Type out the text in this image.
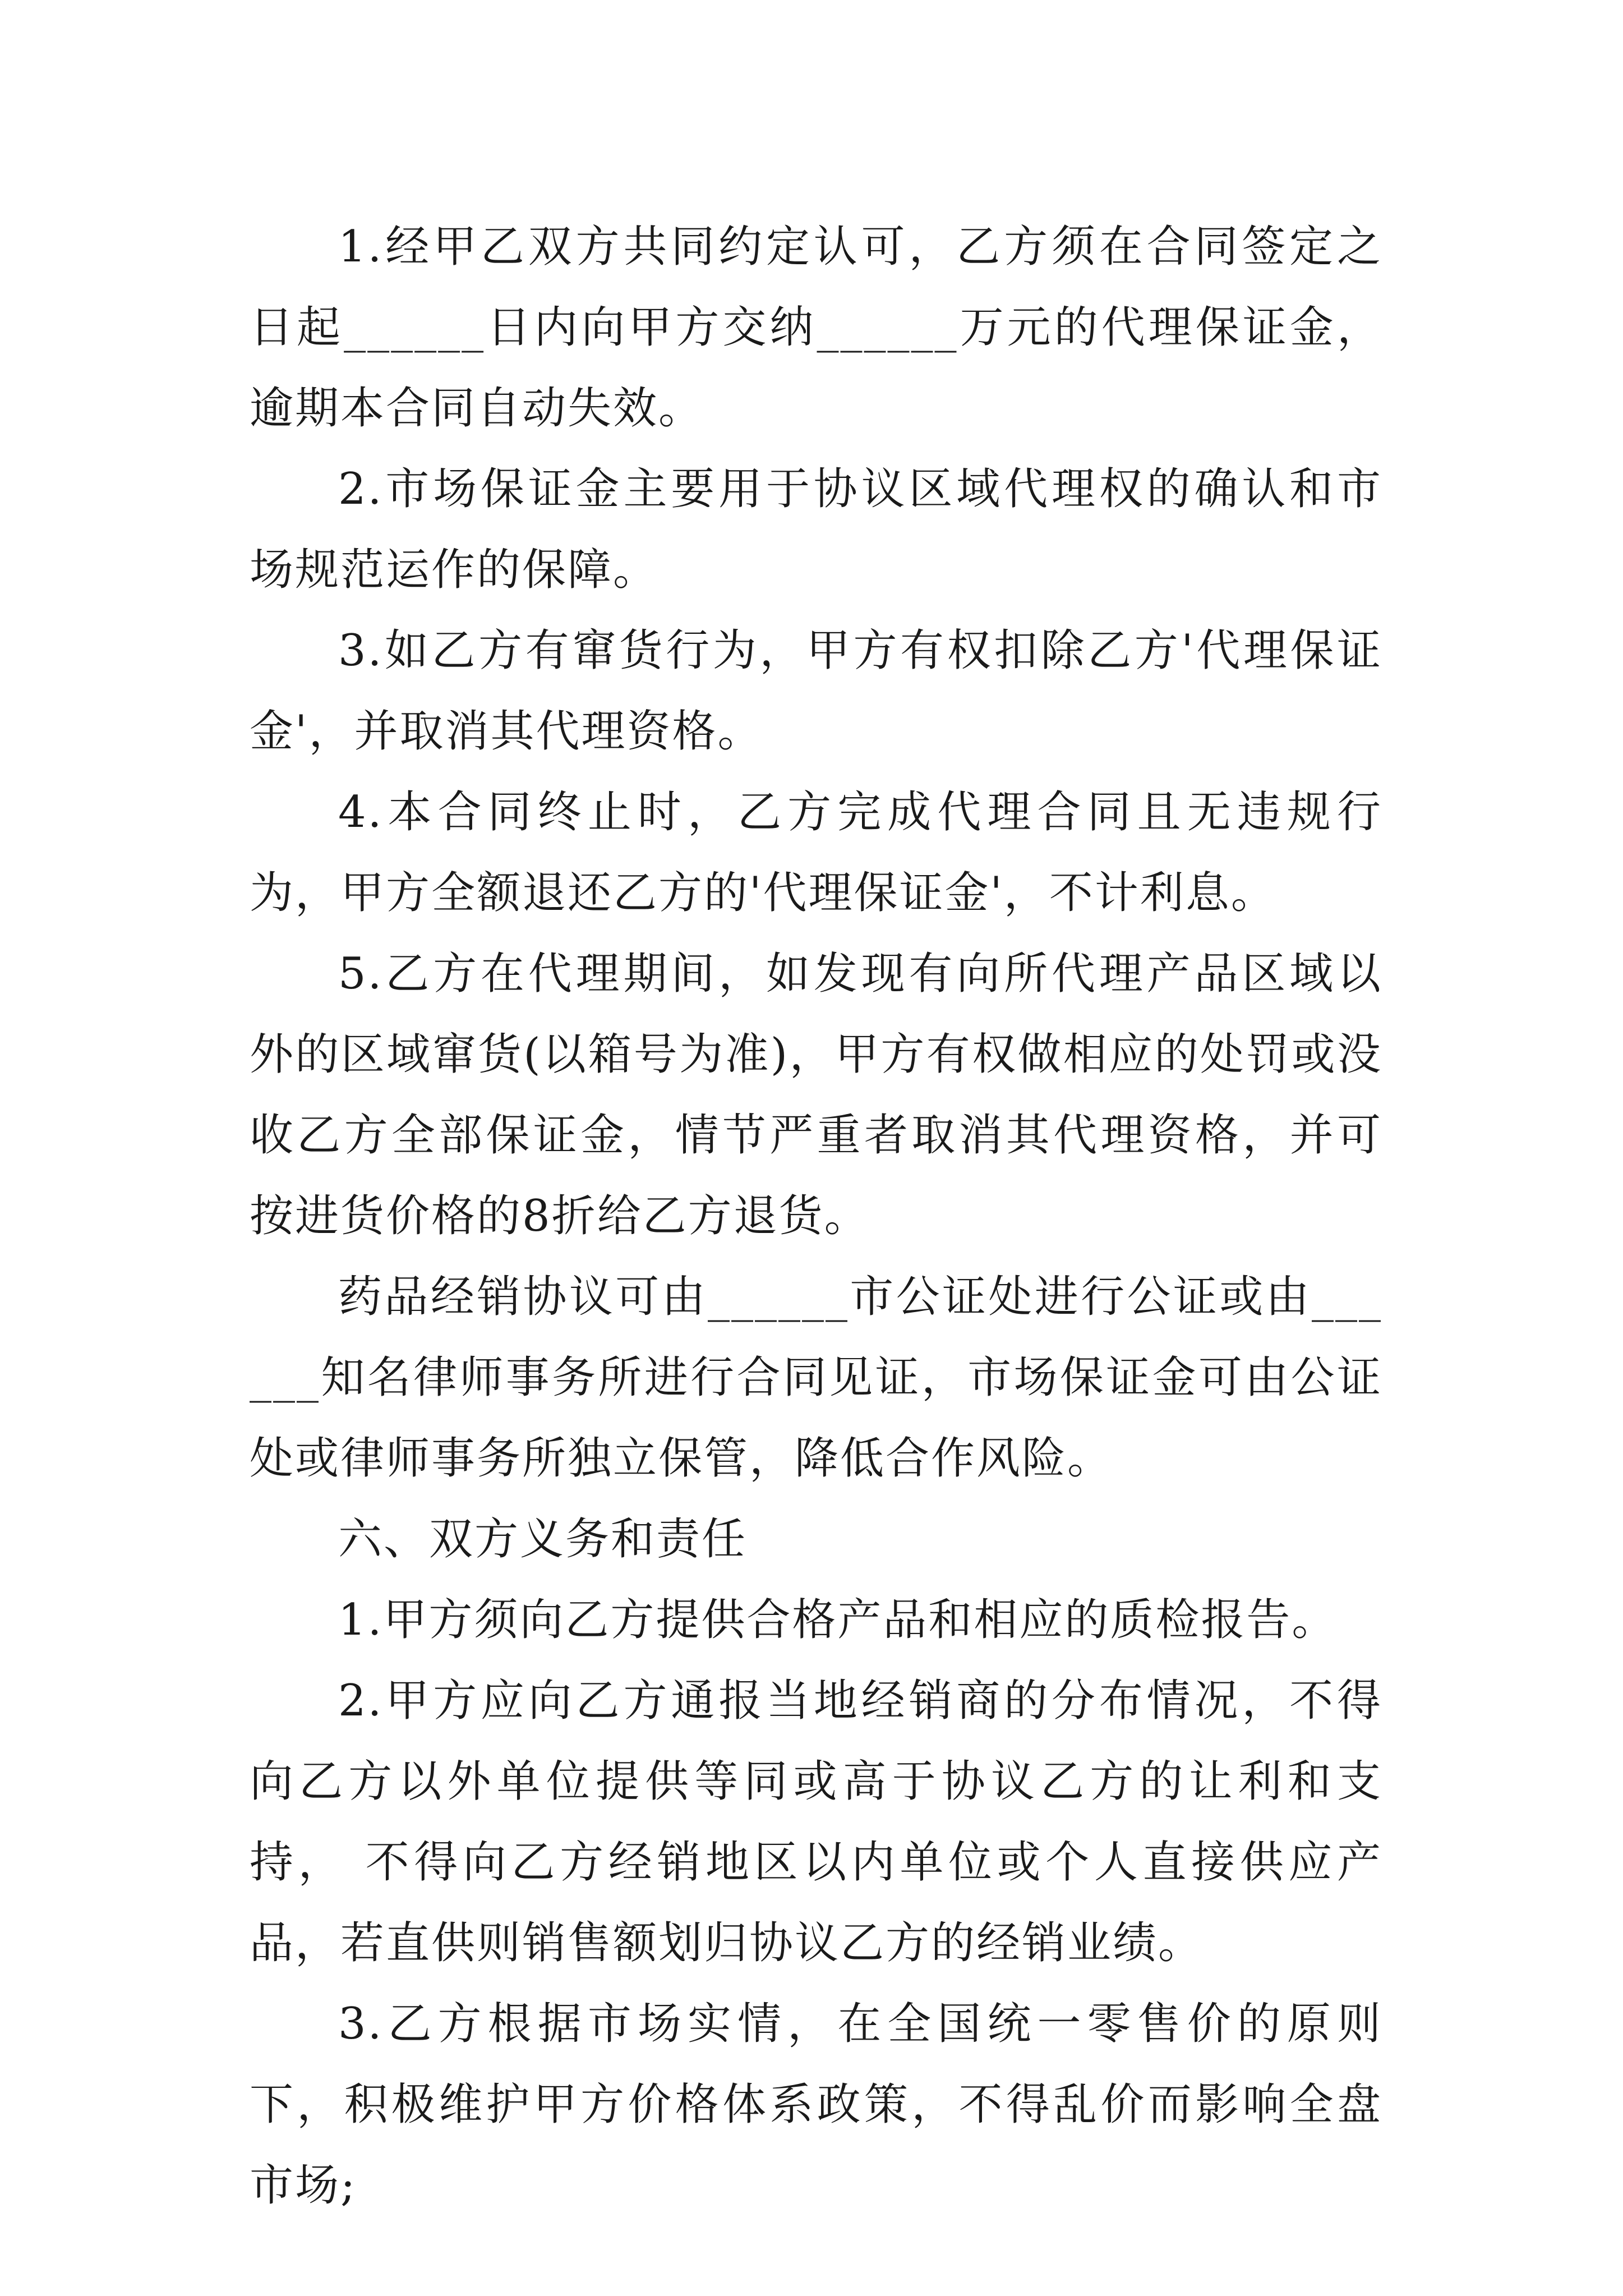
1.经甲乙双方共同约定认可，乙方须在合同签定之日起______日内向甲方交纳______万元的代理保证金，逾期本合同自动失效。

2.市场保证金主要用于协议区域代理权的确认和市场规范运作的保障。

3.如乙方有窜货行为，甲方有权扣除乙方'代理保证金'，并取消其代理资格。

4.本合同终止时，乙方完成代理合同且无违规行为，甲方全额退还乙方的'代理保证金'，不计利息。

5.乙方在代理期间，如发现有向所代理产品区域以外的区域窜货(以箱号为准)，甲方有权做相应的处罚或没收乙方全部保证金，情节严重者取消其代理资格，并可按进货价格的8折给乙方退货。

药品经销协议可由______市公证处进行公证或由______知名律师事务所进行合同见证，市场保证金可由公证处或律师事务所独立保管，降低合作风险。

六、双方义务和责任

1.甲方须向乙方提供合格产品和相应的质检报告。

2.甲方应向乙方通报当地经销商的分布情况，不得向乙方以外单位提供等同或高于协议乙方的让利和支持， 不得向乙方经销地区以内单位或个人直接供应产品，若直供则销售额划归协议乙方的经销业绩。

3.乙方根据市场实情，在全国统一零售价的原则下，积极维护甲方价格体系政策，不得乱价而影响全盘市场;
